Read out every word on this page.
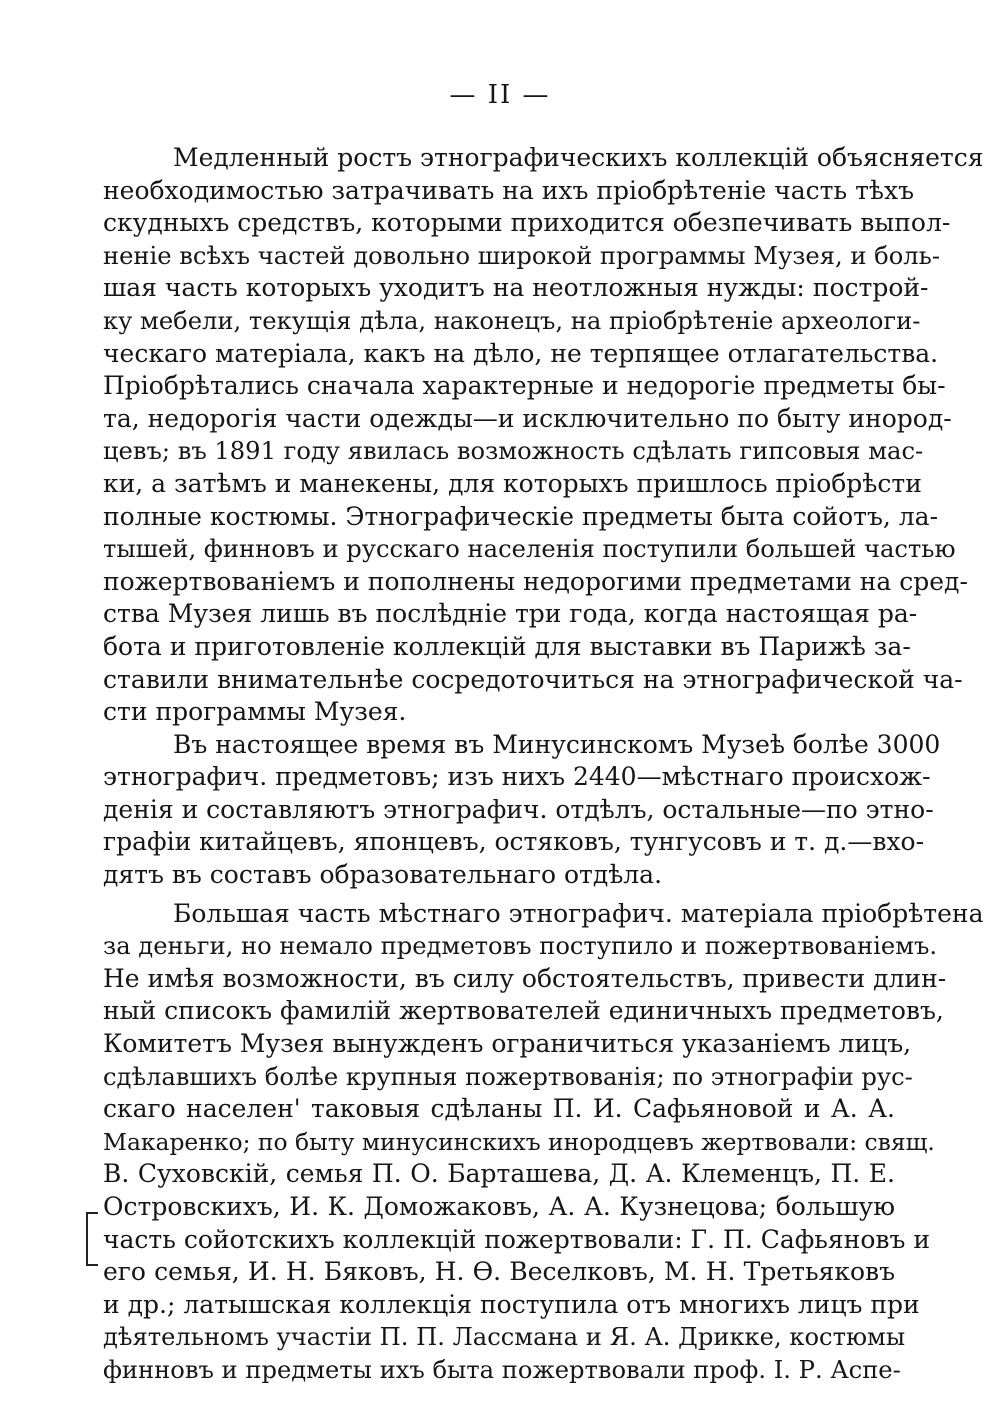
— II —
Медленный ростъ этнографическихъ коллекцій объясняется
необходимостью затрачивать на ихъ пріобрѣтеніе часть тѣхъ
скудныхъ средствъ, которыми приходится обезпечивать выпол-
неніе всѣхъ частей довольно широкой программы Музея, и боль-
шая часть которыхъ уходитъ на неотложныя нужды: построй-
ку мебели, текущія дѣла, наконецъ, на пріобрѣтеніе археологи-
ческаго матеріала, какъ на дѣло, не терпящее отлагательства.
Пріобрѣтались сначала характерные и недорогіе предметы бы-
та, недорогія части одежды—и исключительно по быту инород-
цевъ; въ 1891 году явилась возможность сдѣлать гипсовыя мас-
ки, а затѣмъ и манекены, для которыхъ пришлось пріобрѣсти
полные костюмы. Этнографическіе предметы быта сойотъ, ла-
тышей, финновъ и русскаго населенія поступили большей частью
пожертвованіемъ и пополнены недорогими предметами на сред-
ства Музея лишь въ послѣдніе три года, когда настоящая ра-
бота и приготовленіе коллекцій для выставки въ Парижѣ за-
ставили внимательнѣе сосредоточиться на этнографической ча-
сти программы Музея.
Въ настоящее время въ Минусинскомъ Музеѣ болѣе 3000
этнографич. предметовъ; изъ нихъ 2440—мѣстнаго происхож-
денія и составляютъ этнографич. отдѣлъ, остальные—по этно-
графіи китайцевъ, японцевъ, остяковъ, тунгусовъ и т. д.—вхо-
дятъ въ составъ образовательнаго отдѣла.
Большая часть мѣстнаго этнографич. матеріала пріобрѣтена
за деньги, но немало предметовъ поступило и пожертвованіемъ.
Не имѣя возможности, въ силу обстоятельствъ, привести длин-
ный списокъ фамилій жертвователей единичныхъ предметовъ,
Комитетъ Музея вынужденъ ограничиться указаніемъ лицъ,
сдѣлавшихъ болѣе крупныя пожертвованія; по этнографіи рус-
скаго населен' таковыя сдѣланы П. И. Сафьяновой и А. А.
Макаренко; по быту минусинскихъ инородцевъ жертвовали: свящ.
В. Суховскій, семья П. О. Барташева, Д. А. Клеменцъ, П. Е.
Островскихъ, И. К. Доможаковъ, А. А. Кузнецова; большую
часть сойотскихъ коллекцій пожертвовали: Г. П. Сафьяновъ и
его семья, И. Н. Бяковъ, Н. Ѳ. Веселковъ, М. Н. Третьяковъ
и др.; латышская коллекція поступила отъ многихъ лицъ при
дѣятельномъ участіи П. П. Лассмана и Я. А. Дрикке, костюмы
финновъ и предметы ихъ быта пожертвовали проф. І. Р. Аспе-
